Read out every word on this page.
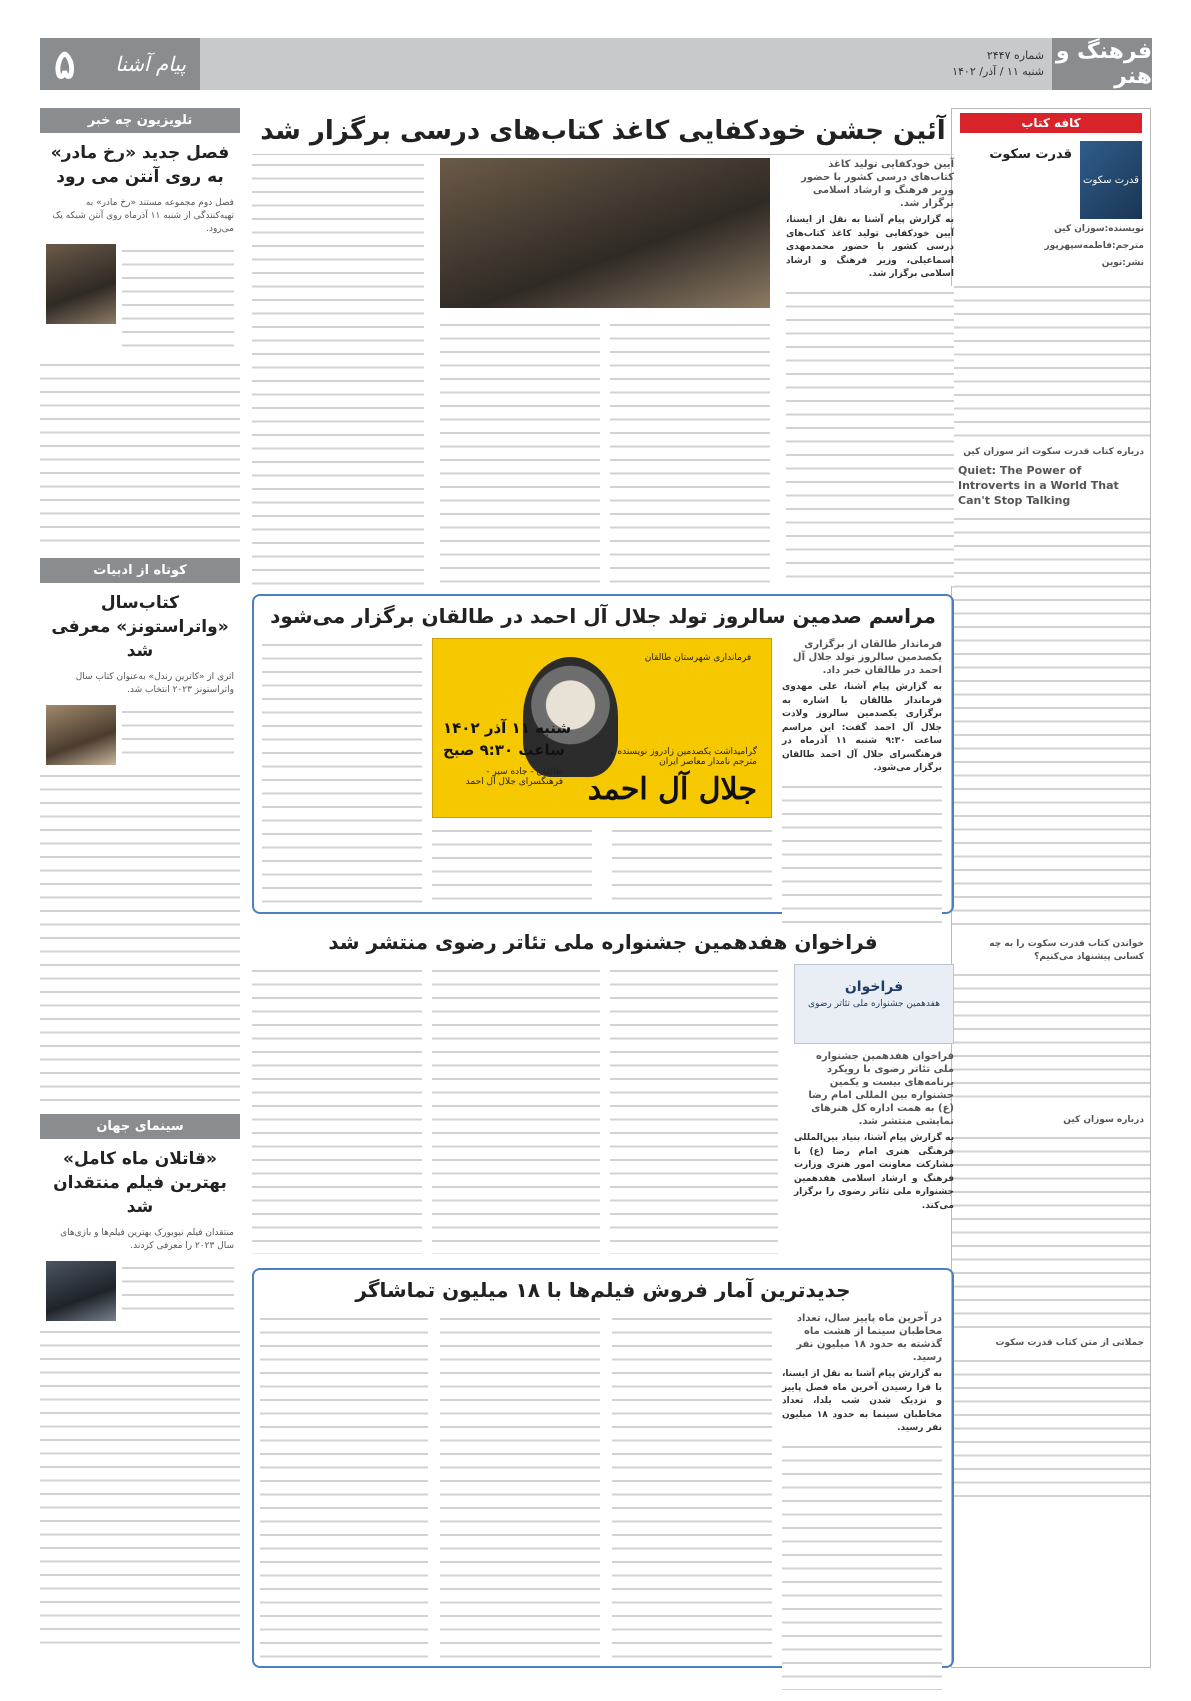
فرهنگ و هنر
شماره ۲۴۴۷
شنبه ۱۱ / آذر/ ۱۴۰۲
پیام آشنا
۵
کافه کتاب
قدرت سکوت
قدرت سکوت
نویسنده:سوزان کین
مترجم:فاطمه‌سپهرپور
نشر:نوین
درباره کتاب قدرت سکوت اثر سوزان کین
Quiet: The Power of Introverts in a World That Can't Stop Talking
خواندن کتاب قدرت سکوت را به چه کسانی پیشنهاد می‌کنیم؟
درباره سوزان کین
جملاتی از متن کتاب قدرت سکوت
تلویزیون چه خبر
فصل جدید «رخ مادر» به روی آنتن می رود
فصل دوم مجموعه مستند «رخ مادر» به تهیه‌کنندگی از شنبه ۱۱ آذرماه روی آنتن شبکه یک می‌رود.
کوتاه از ادبیات
کتاب‌سال «واتراستونز» معرفی شد
اثری از «کاترین رندل» به‌عنوان کتاب سال واتراستونز ۲۰۲۳ انتخاب شد.
سینمای جهان
«قاتلان ماه کامل» بهترین فیلم منتقدان شد
منتقدان فیلم نیویورک بهترین فیلم‌ها و بازی‌های سال ۲۰۲۳ را معرفی کردند.
آئین جشن خودکفایی کاغذ کتاب‌های درسی برگزار شد
آیین خودکفایی تولید کاغذ کتاب‌های درسی کشور با حضور وزیر فرهنگ و ارشاد اسلامی برگزار شد.
به گزارش پیام آشنا به نقل از ایسنا، آیین خودکفایی تولید کاغذ کتاب‌های درسی کشور با حضور محمدمهدی اسماعیلی، وزیر فرهنگ و ارشاد اسلامی برگزار شد.
مراسم صدمین سالروز تولد جلال آل احمد در طالقان برگزار می‌شود
فرماندار طالقان از برگزاری یکصدمین سالروز تولد جلال آل احمد در طالقان خبر داد.
به گزارش پیام آشنا، علی مهدوی فرماندار طالقان با اشاره به برگزاری یکصدمین سالروز ولادت جلال آل احمد گفت: این مراسم ساعت ۹:۳۰ شنبه ۱۱ آذرماه در فرهنگسرای جلال آل احمد طالقان برگزار می‌شود.
فرمانداری شهرستان طالقان
گرامیداشت یکصدمین زادروز نویسنده و مترجم نامدار معاصر ایران
جلال آل احمد
شنبه ۱۱ آذر ۱۴۰۲
ساعت ۹:۳۰ صبح
طالقان - جاده سیر - فرهنگسرای جلال آل احمد
فراخوان هفدهمین جشنواره ملی تئاتر رضوی منتشر شد
فراخوان
هفدهمین جشنواره ملی تئاتر رضوی
فراخوان هفدهمین جشنواره ملی تئاتر رضوی با رویکرد برنامه‌های بیست و یکمین جشنواره بین المللی امام رضا (ع) به همت اداره کل هنرهای نمایشی منتشر شد.
به گزارش پیام آشنا، بنیاد بین‌المللی فرهنگی هنری امام رضا (ع) با مشارکت معاونت امور هنری وزارت فرهنگ و ارشاد اسلامی هفدهمین جشنواره ملی تئاتر رضوی را برگزار می‌کند.
جدیدترین آمار فروش فیلم‌ها با ۱۸ میلیون تماشاگر
در آخرین ماه پاییز سال، تعداد مخاطبان سینما از هشت ماه گذشته به حدود ۱۸ میلیون نفر رسید.
به گزارش پیام آشنا به نقل از ایسنا، با فرا رسیدن آخرین ماه فصل پاییز و نزدیک شدن شب یلدا، تعداد مخاطبان سینما به حدود ۱۸ میلیون نفر رسید.
